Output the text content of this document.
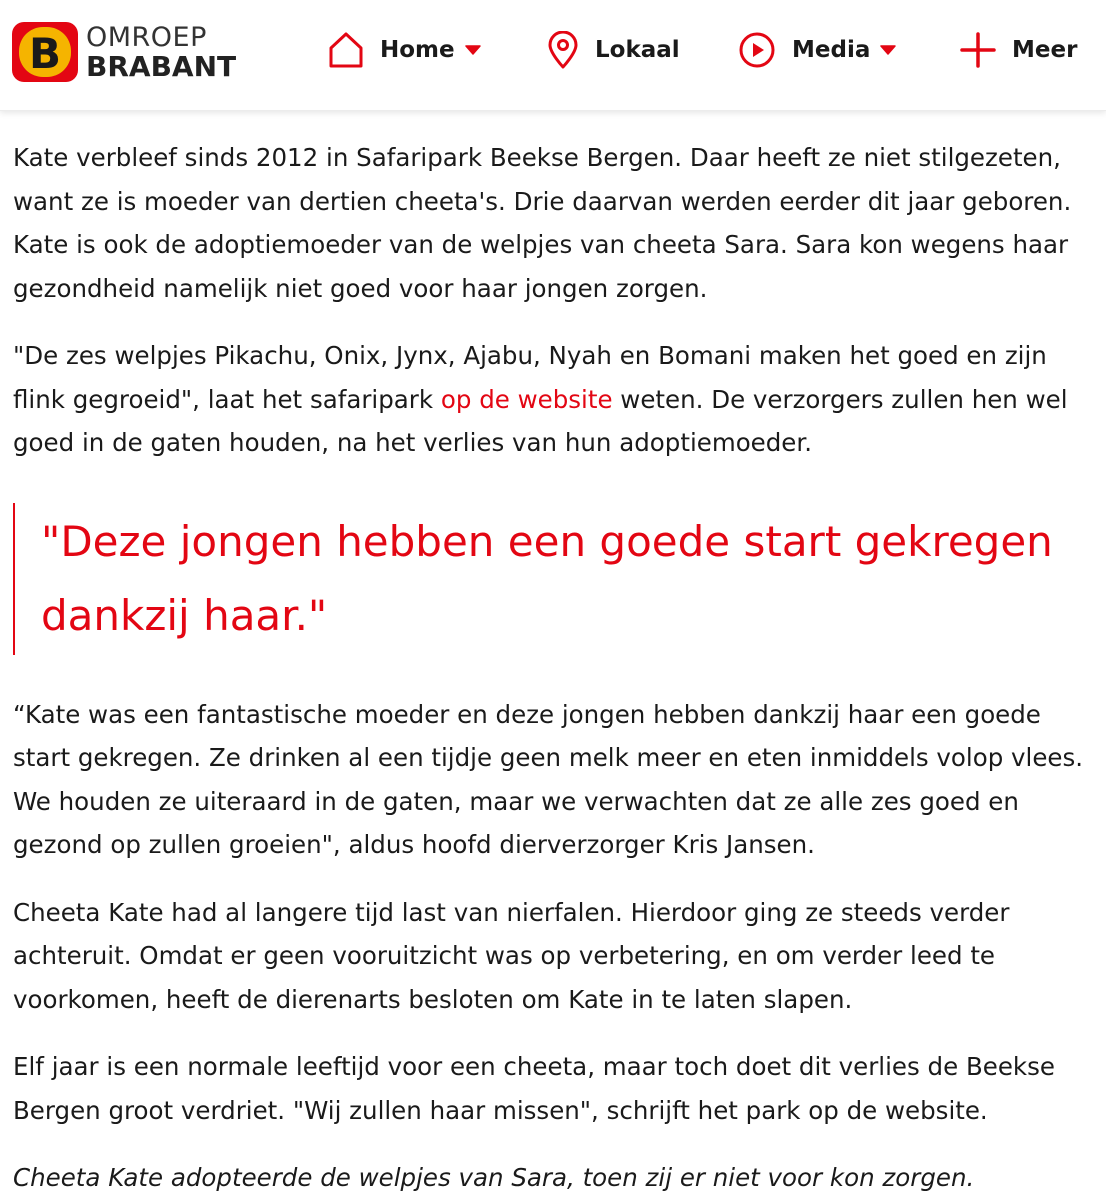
B OMROEP
BRABANT	Home	Lokaal	Media	Meer

Kate verbleef sinds 2012 in Safaripark Beekse Bergen. Daar heeft ze niet stilgezeten, want ze is moeder van dertien cheeta's. Drie daarvan werden eerder dit jaar geboren. Kate is ook de adoptiemoeder van de welpjes van cheeta Sara. Sara kon wegens haar gezondheid namelijk niet goed voor haar jongen zorgen.

"De zes welpjes Pikachu, Onix, Jynx, Ajabu, Nyah en Bomani maken het goed en zijn flink gegroeid", laat het safaripark op de website weten. De verzorgers zullen hen wel goed in de gaten houden, na het verlies van hun adoptiemoeder.

"Deze jongen hebben een goede start gekregen dankzij haar."

“Kate was een fantastische moeder en deze jongen hebben dankzij haar een goede start gekregen. Ze drinken al een tijdje geen melk meer en eten inmiddels volop vlees. We houden ze uiteraard in de gaten, maar we verwachten dat ze alle zes goed en gezond op zullen groeien", aldus hoofd dierverzorger Kris Jansen.

Cheeta Kate had al langere tijd last van nierfalen. Hierdoor ging ze steeds verder achteruit. Omdat er geen vooruitzicht was op verbetering, en om verder leed te voorkomen, heeft de dierenarts besloten om Kate in te laten slapen.

Elf jaar is een normale leeftijd voor een cheeta, maar toch doet dit verlies de Beekse Bergen groot verdriet. "Wij zullen haar missen", schrijft het park op de website.

Cheeta Kate adopteerde de welpjes van Sara, toen zij er niet voor kon zorgen.
